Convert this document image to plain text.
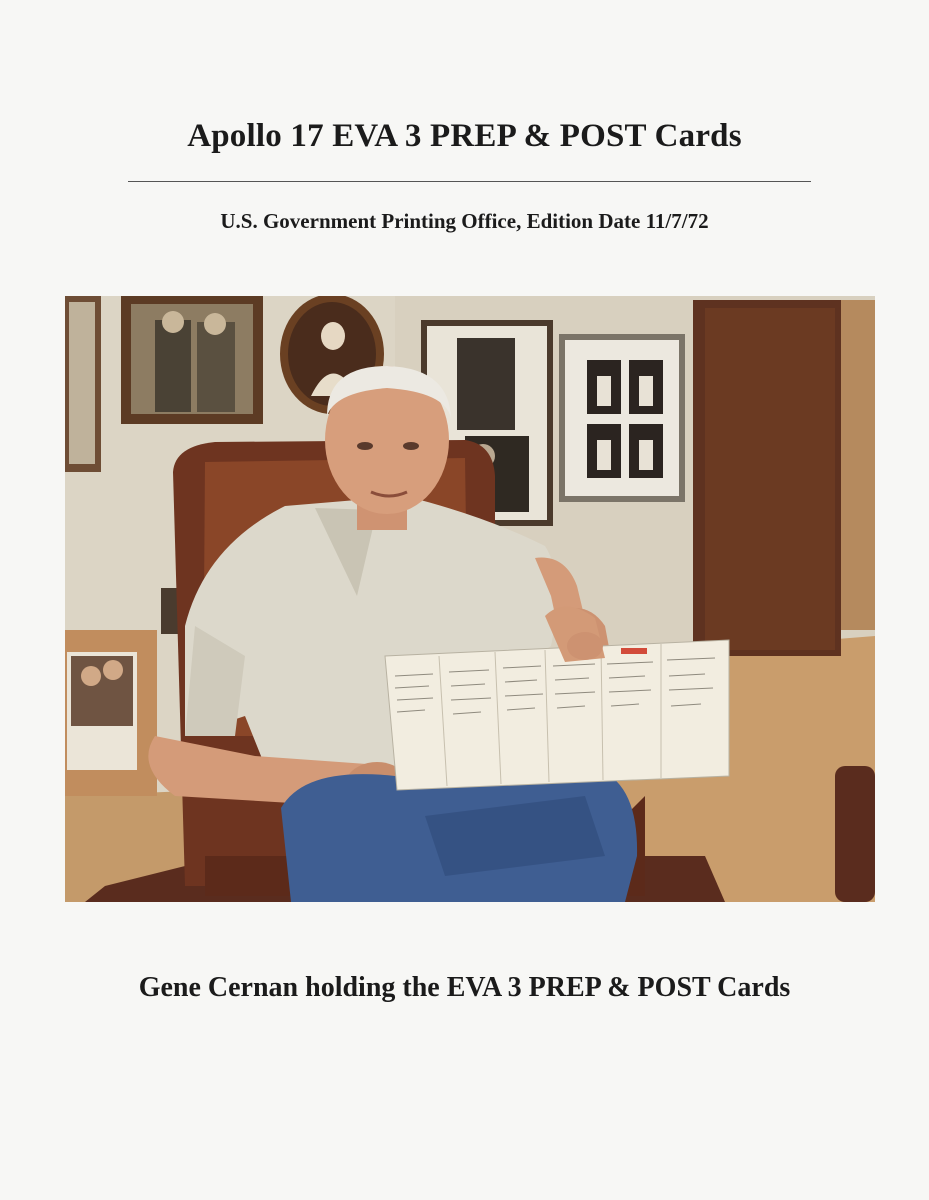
Apollo 17 EVA 3 PREP & POST Cards
U.S. Government Printing Office, Edition Date 11/7/72
Gene Cernan holding the EVA 3 PREP & POST Cards
